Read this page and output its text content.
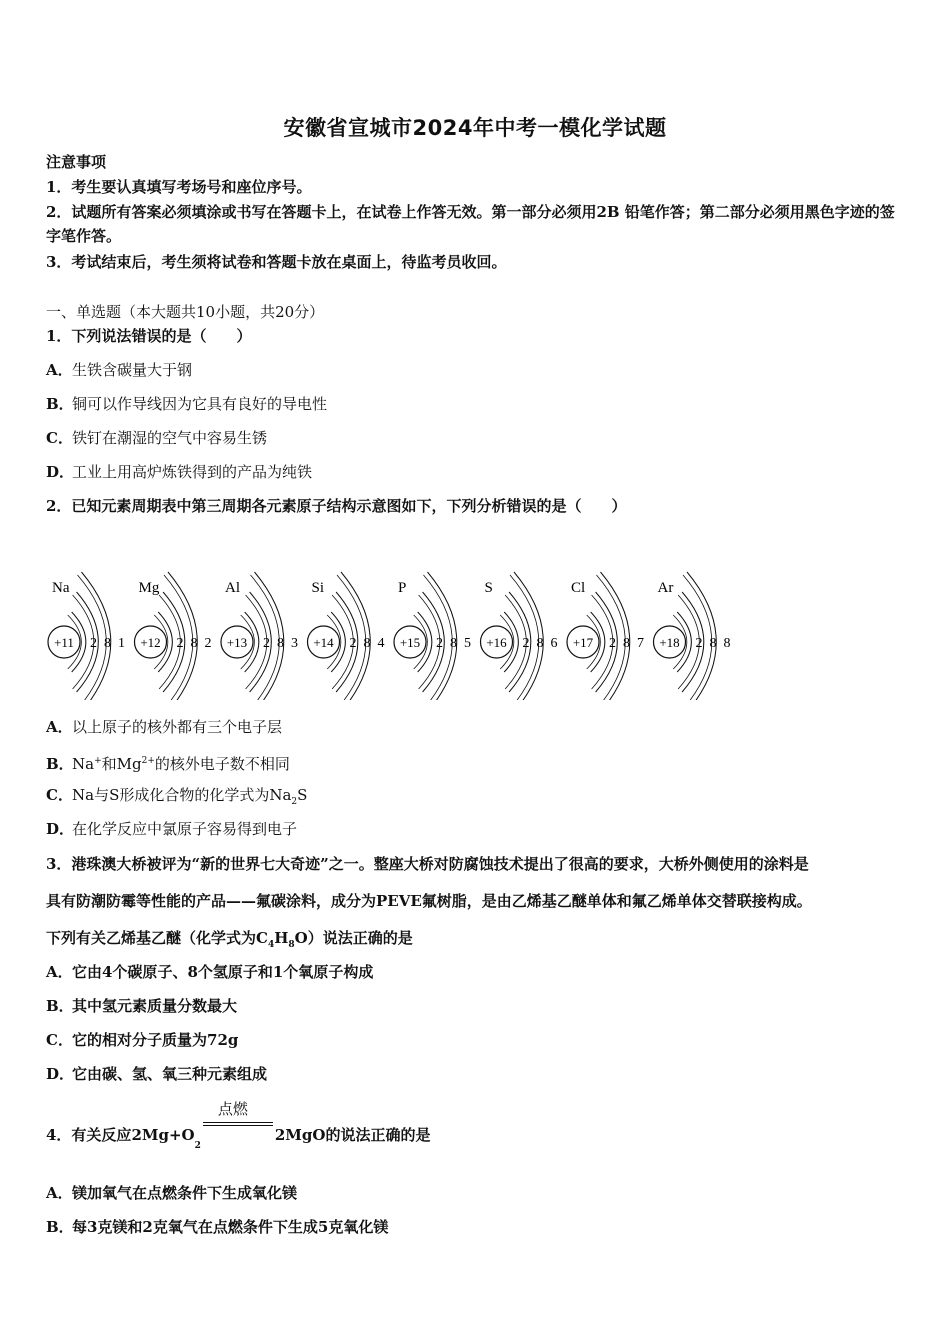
安徽省宣城市2024年中考一模化学试题
注意事项
1．考生要认真填写考场号和座位序号。
2．试题所有答案必须填涂或书写在答题卡上，在试卷上作答无效。第一部分必须用2B 铅笔作答；第二部分必须用黑色字迹的签字笔作答。
3．考试结束后，考生须将试卷和答题卡放在桌面上，待监考员收回。
一、单选题（本大题共10小题，共20分）
1．下列说法错误的是（　　）
A．生铁含碳量大于钢
B．铜可以作导线因为它具有良好的导电性
C．铁钉在潮湿的空气中容易生锈
D．工业上用高炉炼铁得到的产品为纯铁
2．已知元素周期表中第三周期各元素原子结构示意图如下，下列分析错误的是（　　）
Na
+11 2 8 1
Mg
+12 2 8 2
Al
+13 2 8 3
Si
+14 2 8 4
P
+15 2 8 5
S
+16 2 8 6
Cl
+17 2 8 7
Ar
+18 2 8 8
A．以上原子的核外都有三个电子层
B．Na+和$Mg^{2+}$的核外电子数不相同
C．Na与S形成化合物的化学式为$Na_2S$
D．在化学反应中氯原子容易得到电子
3．港珠澳大桥被评为“新的世界七大奇迹”之一。整座大桥对防腐蚀技术提出了很高的要求，大桥外侧使用的涂料是
具有防潮防霉等性能的产品——氟碳涂料，成分为PEVE氟树脂，是由乙烯基乙醚单体和氟乙烯单体交替联接构成。
下列有关乙烯基乙醚（化学式为$C_4H_8O$）说法正确的是
A．它由4个碳原子、8个氢原子和1个氧原子构成
B．其中氢元素质量分数最大
C．它的相对分子质量为72g
D．它由碳、氢、氧三种元素组成
4．有关反应$2Mg+O_2$
点燃
2MgO的说法正确的是
A．镁加氧气在点燃条件下生成氧化镁
B．每3克镁和2克氧气在点燃条件下生成5克氧化镁
